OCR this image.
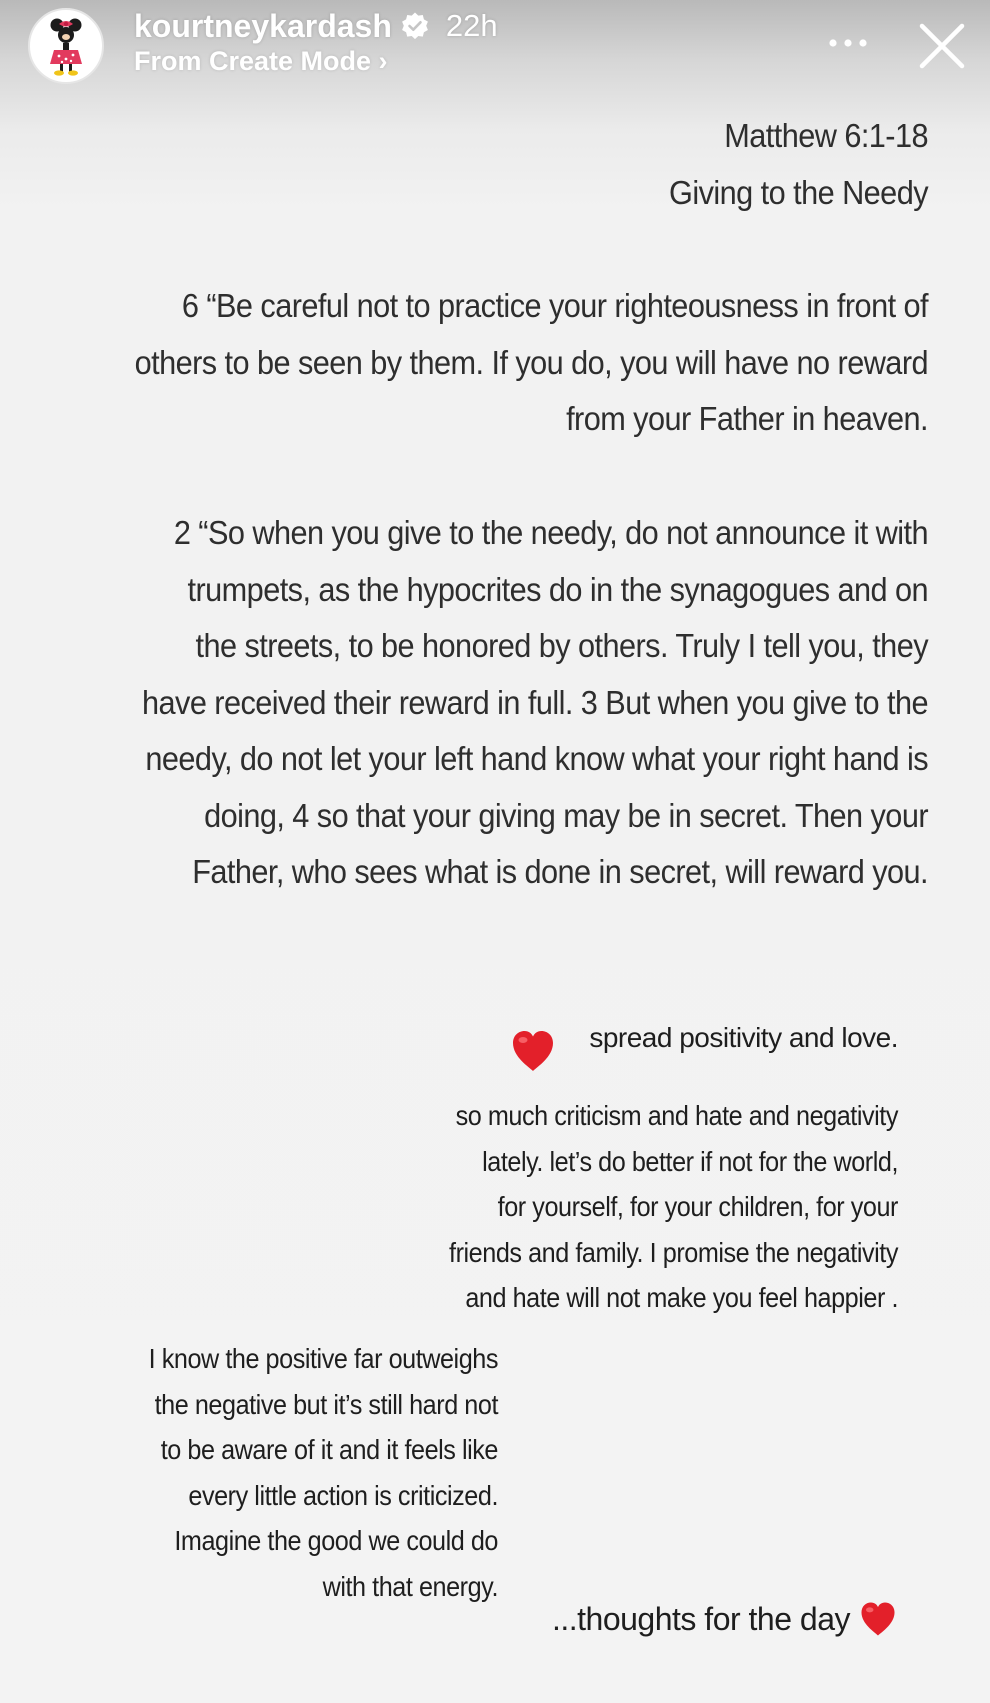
kourtneykardash 22h
From Create Mode ›
Matthew 6:1-18
Giving to the Needy
6 “Be careful not to practice your righteousness in front of
others to be seen by them. If you do, you will have no reward
from your Father in heaven.
2 “So when you give to the needy, do not announce it with
trumpets, as the hypocrites do in the synagogues and on
the streets, to be honored by others. Truly I tell you, they
have received their reward in full. 3 But when you give to the
needy, do not let your left hand know what your right hand is
doing, 4 so that your giving may be in secret. Then your
Father, who sees what is done in secret, will reward you.
spread positivity and love.
so much criticism and hate and negativity
lately. let’s do better if not for the world,
for yourself, for your children, for your
friends and family. I promise the negativity
and hate will not make you feel happier .
I know the positive far outweighs
the negative but it’s still hard not
to be aware of it and it feels like
every little action is criticized.
Imagine the good we could do
with that energy.
...thoughts for the day
